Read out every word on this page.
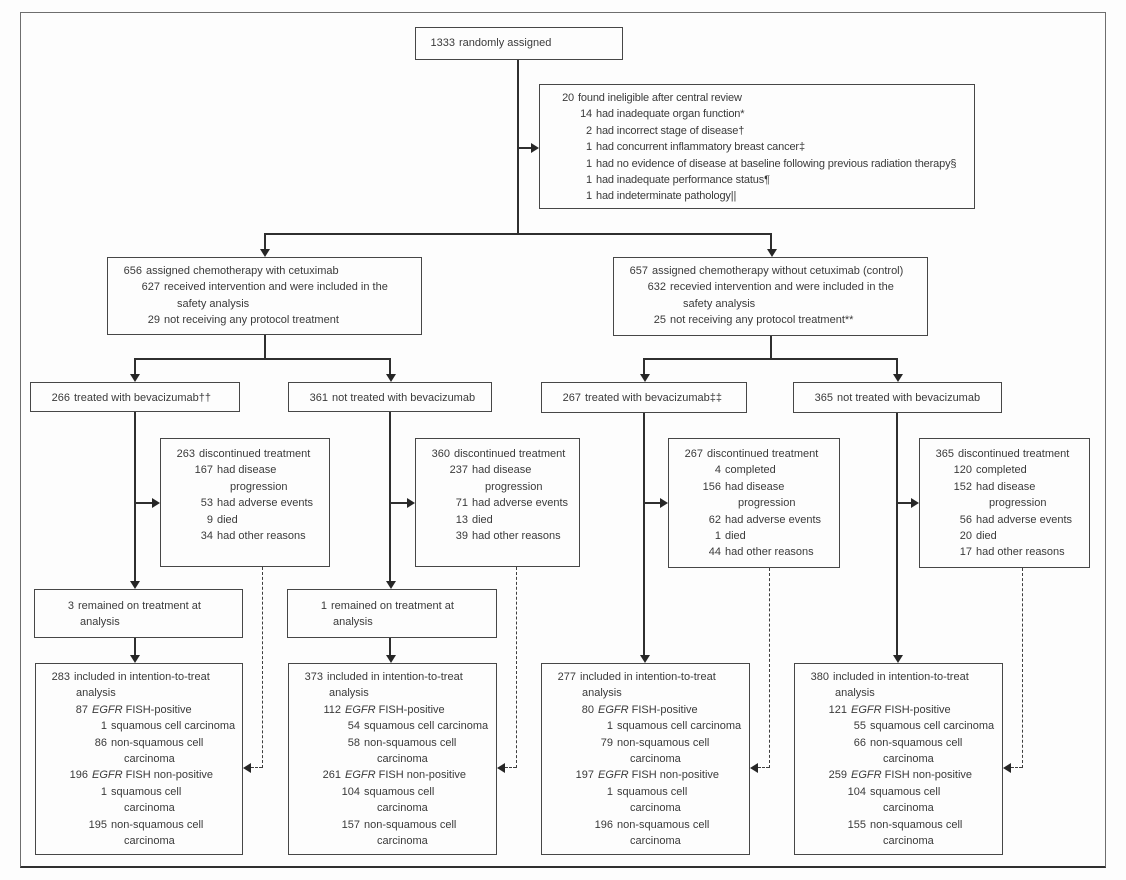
1333 randomly assigned
20 found ineligible after central review
14 had inadequate organ function*
2 had incorrect stage of disease†
1 had concurrent inflammatory breast cancer‡
1 had no evidence of disease at baseline following previous radiation therapy§
1 had inadequate performance status¶
1 had indeterminate pathology||
656 assigned chemotherapy with cetuximab
627 received intervention and were included in the
safety analysis
29 not receiving any protocol treatment
657 assigned chemotherapy without cetuximab (control)
632 recevied intervention and were included in the
safety analysis
25 not receiving any protocol treatment**
266 treated with bevacizumab††	361 not treated with bevacizumab	267 treated with bevacizumab‡‡	365 not treated with bevacizumab
263 discontinued treatment
167 had disease
progression
53 had adverse events
9 died
34 had other reasons
360 discontinued treatment
237 had disease
progression
71 had adverse events
13 died
39 had other reasons
267 discontinued treatment
4 completed
156 had disease
progression
62 had adverse events
1 died
44 had other reasons
365 discontinued treatment
120 completed
152 had disease
progression
56 had adverse events
20 died
17 had other reasons
3 remained on treatment at
analysis
1 remained on treatment at
analysis
283 included in intention-to-treat
analysis
87 EGFR FISH-positive
1 squamous cell carcinoma
86 non-squamous cell
carcinoma
196 EGFR FISH non-positive
1 squamous cell
carcinoma
195 non-squamous cell
carcinoma
373 included in intention-to-treat
analysis
112 EGFR FISH-positive
54 squamous cell carcinoma
58 non-squamous cell
carcinoma
261 EGFR FISH non-positive
104 squamous cell
carcinoma
157 non-squamous cell
carcinoma
277 included in intention-to-treat
analysis
80 EGFR FISH-positive
1 squamous cell carcinoma
79 non-squamous cell
carcinoma
197 EGFR FISH non-positive
1 squamous cell
carcinoma
196 non-squamous cell
carcinoma
380 included in intention-to-treat
analysis
121 EGFR FISH-positive
55 squamous cell carcinoma
66 non-squamous cell
carcinoma
259 EGFR FISH non-positive
104 squamous cell
carcinoma
155 non-squamous cell
carcinoma
